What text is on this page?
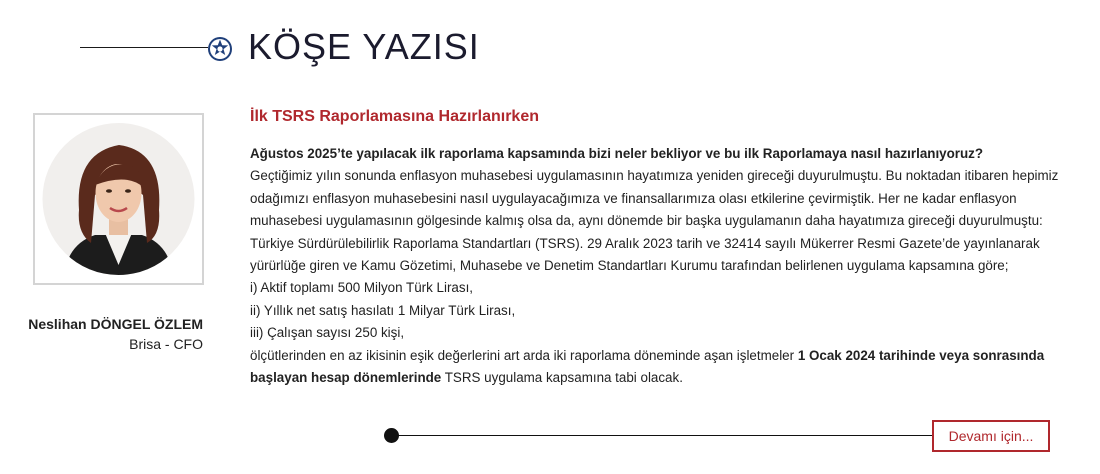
KÖŞE YAZISI
Neslihan DÖNGEL ÖZLEM
Brisa - CFO
İlk TSRS Raporlamasına Hazırlanırken

Ağustos 2025’te yapılacak ilk raporlama kapsamında bizi neler bekliyor ve bu ilk Raporlamaya nasıl hazırlanıyoruz?

Geçtiğimiz yılın sonunda enflasyon muhasebesi uygulamasının hayatımıza yeniden gireceği duyurulmuştu. Bu noktadan itibaren hepimiz odağımızı enflasyon muhasebesini nasıl uygulayacağımıza ve finansallarımıza olası etkilerine çevirmiştik. Her ne kadar enflasyon muhasebesi uygulamasının gölgesinde kalmış olsa da, aynı dönemde bir başka uygulamanın daha hayatımıza gireceği duyurulmuştu: Türkiye Sürdürülebilirlik Raporlama Standartları (TSRS). 29 Aralık 2023 tarih ve 32414 sayılı Mükerrer Resmi Gazete’de yayınlanarak yürürlüğe giren ve Kamu Gözetimi, Muhasebe ve Denetim Standartları Kurumu tarafından belirlenen uygulama kapsamına göre;

i) Aktif toplamı 500 Milyon Türk Lirası,

ii) Yıllık net satış hasılatı 1 Milyar Türk Lirası,

iii) Çalışan sayısı 250 kişi,

ölçütlerinden en az ikisinin eşik değerlerini art arda iki raporlama döneminde aşan işletmeler 1 Ocak 2024 tarihinde veya sonrasında başlayan hesap dönemlerinde TSRS uygulama kapsamına tabi olacak.

Devamı için...
